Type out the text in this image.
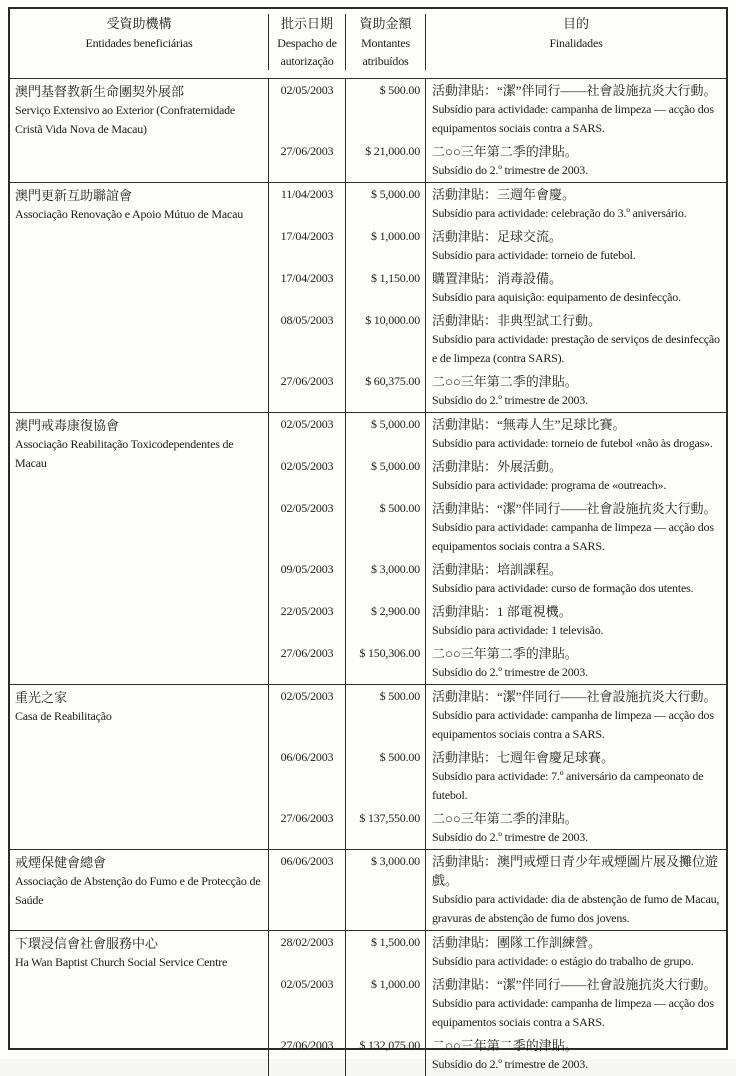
受資助機構
Entidades beneficiárias
批示日期
Despacho de
autorização
資助金額
Montantes
atribuídos
目的
Finalidades
澳門基督教新生命團契外展部
Serviço Extensivo ao Exterior (Confraternidade Cristã Vida Nova de Macau)
02/05/2003	$ 500.00 活動津貼：“潔”伴同行——社會設施抗炎大行動。
Subsídio para actividade: campanha de limpeza — acção dos equipamentos sociais contra a SARS.
27/06/2003	$ 21,000.00 二○○三年第二季的津貼。
Subsídio do 2.º trimestre de 2003.
澳門更新互助聯誼會
Associação Renovação e Apoio Mútuo de Macau
11/04/2003	$ 5,000.00 活動津貼：三週年會慶。
Subsídio para actividade: celebração do 3.º aniversário.
17/04/2003	$ 1,000.00 活動津貼：足球交流。
Subsídio para actividade: torneio de futebol.
17/04/2003	$ 1,150.00 購置津貼：消毒設備。
Subsídio para aquisição: equipamento de desinfecção.
08/05/2003	$ 10,000.00 活動津貼：非典型試工行動。
Subsídio para actividade: prestação de serviços de desinfecção e de limpeza (contra SARS).
27/06/2003	$ 60,375.00 二○○三年第二季的津貼。
Subsídio do 2.º trimestre de 2003.
澳門戒毒康復協會
Associação Reabilitação Toxicodependentes de Macau
02/05/2003	$ 5,000.00 活動津貼：“無毒人生”足球比賽。
Subsídio para actividade: torneio de futebol «não às drogas».
02/05/2003	$ 5,000.00 活動津貼：外展活動。
Subsídio para actividade: programa de «outreach».
02/05/2003	$ 500.00 活動津貼：“潔”伴同行——社會設施抗炎大行動。
Subsídio para actividade: campanha de limpeza — acção dos equipamentos sociais contra a SARS.
09/05/2003	$ 3,000.00 活動津貼：培訓課程。
Subsídio para actividade: curso de formação dos utentes.
22/05/2003	$ 2,900.00 活動津貼：1 部電視機。
Subsídio para actividade: 1 televisão.
27/06/2003	$ 150,306.00 二○○三年第二季的津貼。
Subsídio do 2.º trimestre de 2003.
重光之家
Casa de Reabilitação
02/05/2003	$ 500.00 活動津貼：“潔”伴同行——社會設施抗炎大行動。
Subsídio para actividade: campanha de limpeza — acção dos equipamentos sociais contra a SARS.
06/06/2003	$ 500.00 活動津貼：七週年會慶足球賽。
Subsídio para actividade: 7.º aniversário da campeonato de futebol.
27/06/2003	$ 137,550.00 二○○三年第二季的津貼。
Subsídio do 2.º trimestre de 2003.
戒煙保健會總會
Associação de Abstenção do Fumo e de Protecção de Saúde
06/06/2003	$ 3,000.00 活動津貼：澳門戒煙日青少年戒煙圖片展及攤位遊戲。
Subsídio para actividade: dia de abstenção de fumo de Macau, gravuras de abstenção de fumo dos jovens.
下環浸信會社會服務中心
Ha Wan Baptist Church Social Service Centre
28/02/2003	$ 1,500.00 活動津貼：團隊工作訓練營。
Subsídio para actividade: o estágio do trabalho de grupo.
02/05/2003	$ 1,000.00 活動津貼：“潔”伴同行——社會設施抗炎大行動。
Subsídio para actividade: campanha de limpeza — acção dos equipamentos sociais contra a SARS.
27/06/2003	$ 132,075.00 二○○三年第二季的津貼。
Subsídio do 2.º trimestre de 2003.
